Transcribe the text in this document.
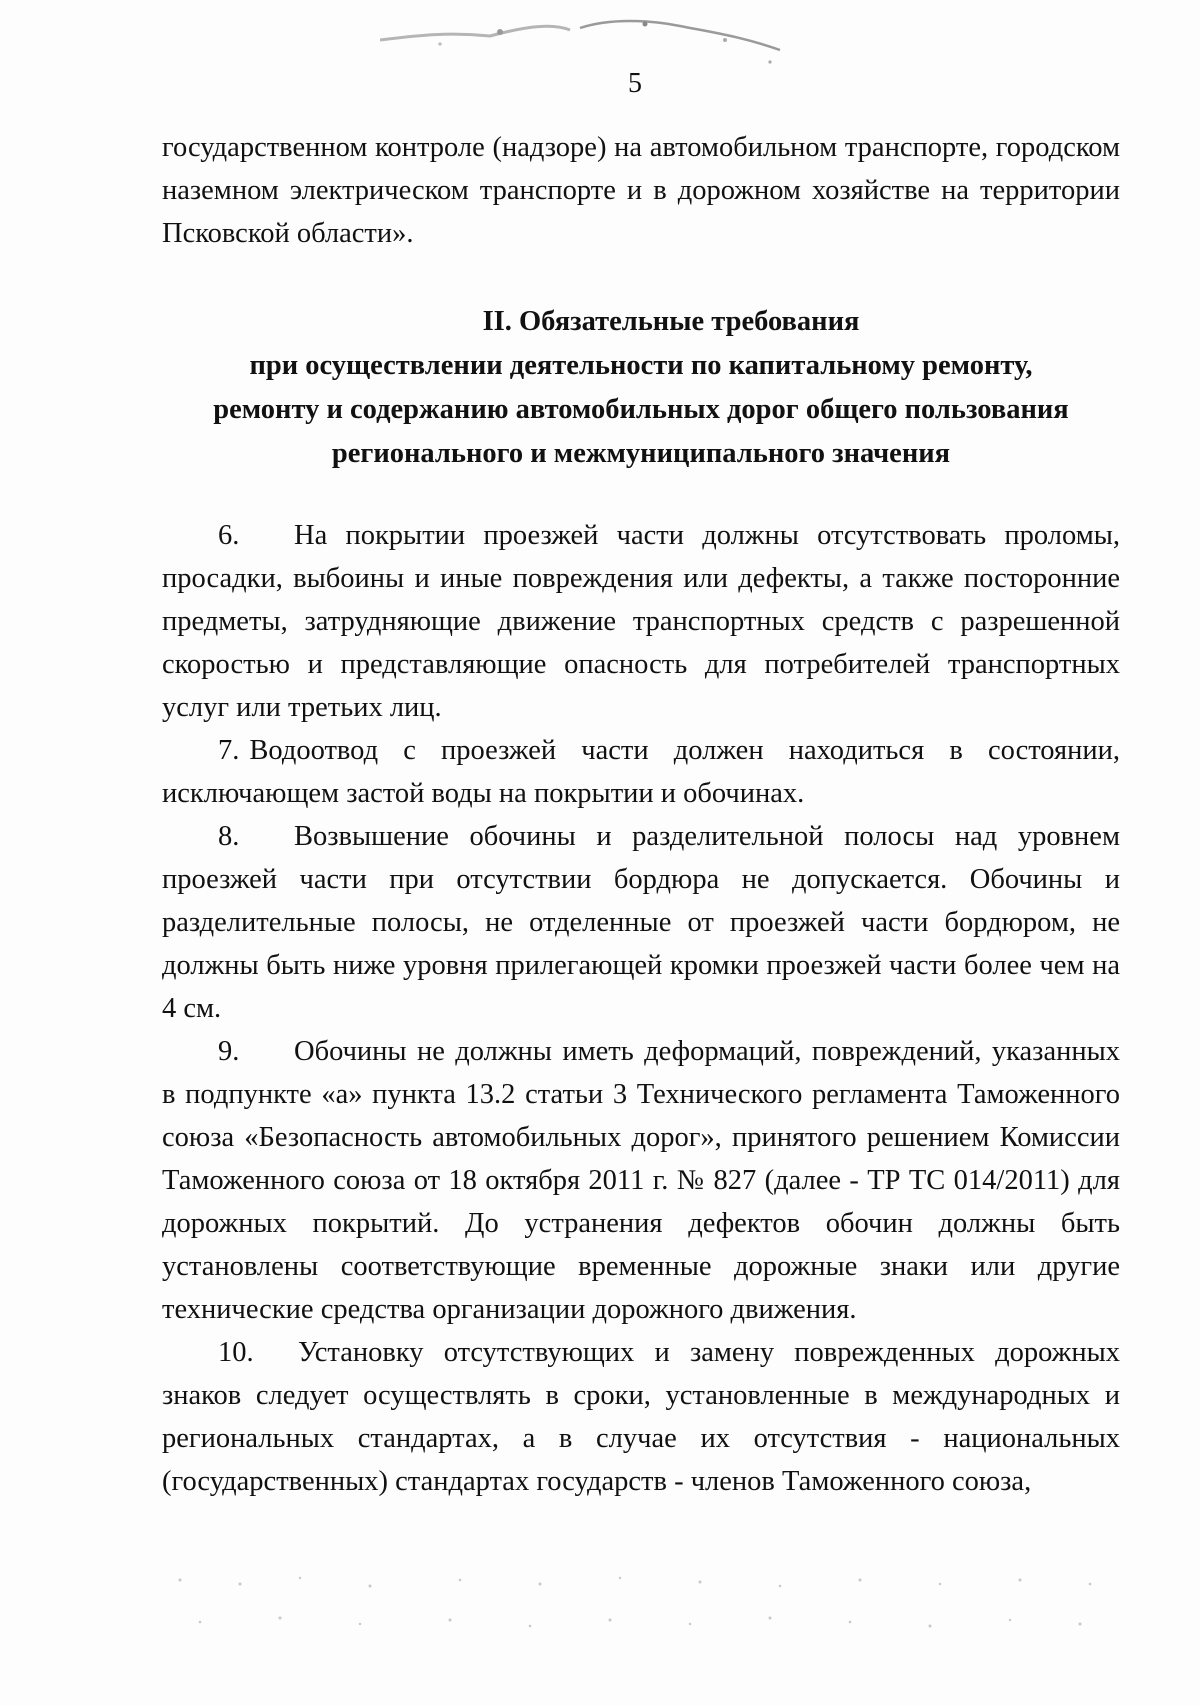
5

государственном контроле (надзоре) на автомобильном транспорте, городском наземном электрическом транспорте и в дорожном хозяйстве на территории Псковской области».

II. Обязательные требования
при осуществлении деятельности по капитальному ремонту,
ремонту и содержанию автомобильных дорог общего пользования
регионального и межмуниципального значения

6. На покрытии проезжей части должны отсутствовать проломы, просадки, выбоины и иные повреждения или дефекты, а также посторонние предметы, затрудняющие движение транспортных средств с разрешенной скоростью и представляющие опасность для потребителей транспортных услуг или третьих лиц.

7. Водоотвод с проезжей части должен находиться в состоянии, исключающем застой воды на покрытии и обочинах.

8. Возвышение обочины и разделительной полосы над уровнем проезжей части при отсутствии бордюра не допускается. Обочины и разделительные полосы, не отделенные от проезжей части бордюром, не должны быть ниже уровня прилегающей кромки проезжей части более чем на 4 см.

9. Обочины не должны иметь деформаций, повреждений, указанных в подпункте «а» пункта 13.2 статьи 3 Технического регламента Таможенного союза «Безопасность автомобильных дорог», принятого решением Комиссии Таможенного союза от 18 октября 2011 г. № 827 (далее - ТР ТС 014/2011) для дорожных покрытий. До устранения дефектов обочин должны быть установлены соответствующие временные дорожные знаки или другие технические средства организации дорожного движения.

10. Установку отсутствующих и замену поврежденных дорожных знаков следует осуществлять в сроки, установленные в международных и региональных стандартах, а в случае их отсутствия - национальных (государственных) стандартах государств - членов Таможенного союза,
